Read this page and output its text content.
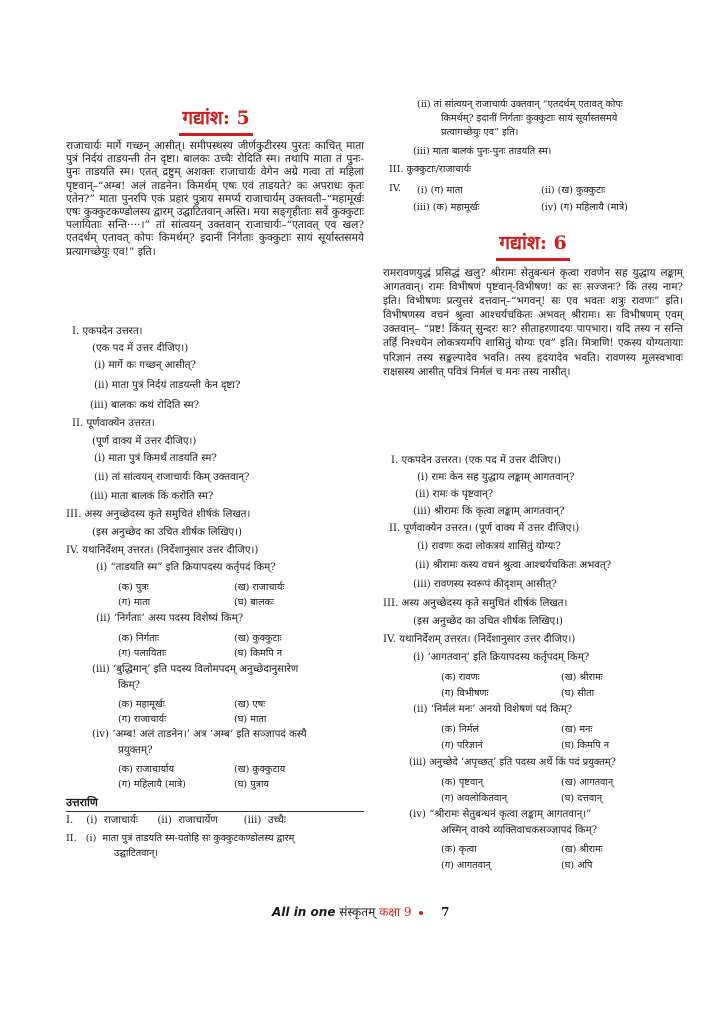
गद्यांश: 5
राजाचार्यः मार्गे गच्छन् आसीत्। समीपस्थस्य जीर्णकुटीरस्य पुरतः काचित् माता पुत्रं निर्दयं ताडयन्ती तेन दृष्टा। बालकः उच्चैः रोदिति स्म। तथापि माता तं पुनः-पुनः ताडयति स्म। एतत् द्रष्टुम् अशक्तः राजाचार्यः वेगेन अग्रे गत्वा तां महिलां पृष्टवान्–“अम्ब! अलं ताडनेन। किमर्थम् एषः एवं ताडयते? कः अपराधः कृतः एतेन?” माता पुनरपि एकं प्रहारं पुत्राय समर्प्य राजाचार्यम् उक्तवती–“महामूर्खः एषः कुक्कुटकण्डोलस्य द्वारम् उद्घाटितवान् अस्ति। मया सङ्गृहीताः सर्वे कुक्कुटाः पलायिताः सन्ति····।” तां सांत्वयन् उक्तवान् राजाचार्यः–“एतावत् एव खल? एतदर्थम् एतावत् कोपः किमर्थम्? इदानीं निर्गताः कुक्कुटाः सायं सूर्यास्तसमये प्रत्यागच्छेयुः एव!” इति।
I. एकपदेन उत्तरत।
(एक पद में उत्तर दीजिए।)
(i) मार्गे कः गच्छन् आसीत्?
(ii) माता पुत्रं निर्दयं ताडयन्ती केन दृष्टा?
(iii) बालकः कथं रोदिति स्म?
II. पूर्णवाक्येन उत्तरत।
(पूर्ण वाक्य में उत्तर दीजिए।)
(i) माता पुत्रं किमर्थं ताडयति स्म?
(ii) तां सांत्वयन् राजाचार्यः किम् उक्तवान्?
(iii) माता बालकं किं करोति स्म?
III. अस्य अनुच्छेदस्य कृते समुचितं शीर्षकं लिखत।
(इस अनुच्छेद का उचित शीर्षक लिखिए।)
IV. यथानिर्देशम् उत्तरत। (निर्देशानुसार उत्तर दीजिए।)
(i) “ताडयति स्म” इति क्रियापदस्य कर्तृपदं किम्?
(क) पुत्रः	(ख) राजाचार्यः
(ग) माता	(घ) बालकः
(ii) ‘निर्गताः’ अस्य पदस्य विशेष्यं किम्?
(क) निर्गताः	(ख) कुक्कुटाः
(ग) पलायिताः	(घ) किमपि न
(iii) ‘बुद्धिमान्’ इति पदस्य विलोमपदम् अनुच्छेदानुसारेण
किम्?
(क) महामूर्खः	(ख) एषः
(ग) राजाचार्यः	(घ) माता
(iv) ‘अम्ब! अलं ताडनेन।’ अत्र ‘अम्ब’ इति सञ्ज्ञापदं कस्यै
प्रयुक्तम्?
(क) राजाचार्याय	(ख) कुक्कुटाय
(ग) महिलायै (मात्रे)	(घ) पुत्राय
उत्तराणि
I.    (i)  राजाचार्यः      (ii)  राजाचार्येण        (iii)  उच्चैः
II.   (i)  माता पुत्रं ताडयति स्म-यतोहि सः कुक्कुटकण्डोलस्य द्वारम्
उद्घाटितवान्।
(ii) तां सांत्वयन् राजाचार्यः उक्तवान् “एतदर्थम् एतावत् कोपः
किमर्थम्? इदानीं निर्गताः कुक्कुटाः सायं सूर्यास्तसमये
प्रत्यागच्छेयुः एव” इति।
(iii) माता बालकं पुनः-पुनः ताडयति स्म।
III. कुक्कुटाः/राजाचार्यः
IV. (i) (ग) माता	(ii) (ख) कुक्कुटाः
(iii) (क) महामूर्खः	(iv) (ग) महिलायै (मात्रे)
गद्यांश: 6
रामरावणयुद्धं प्रसिद्धं खलु? श्रीरामः सेतुबन्धनं कृत्वा रावणेन सह युद्धाय लङ्काम् आगतवान्। रामः विभीषणं पृष्टवान्-विभीषण! कः सः सज्जनः? किं तस्य नाम? इति। विभीषणः प्रत्युत्तरं दत्तवान्–“भगवन्! सः एव भवतः शत्रुः रावणः” इति। विभीषणस्य वचनं श्रुत्वा आश्चर्यचकितः अभवत् श्रीरामः। सः विभीषणम् एवम् उक्तवान्– “प्रष्ट! किंयत् सुन्दरः सः? सीताहरणादयः पापभारा। यदि तस्य न सन्ति तर्हि निश्चयेन लोकत्रयमपि शासितुं योग्यः एव” इति। मित्राणि! एकस्य योग्यतायाः परिज्ञानं तस्य सङ्कल्पादेव भवति। तस्य हृदयादेव भवति। रावणस्य मूलस्वभावः राक्षसस्य आसीत् पवित्रं निर्मलं च मनः तस्य नासीत्।
I. एकपदेन उत्तरत। (एक पद में उत्तर दीजिए।)
(i) रामः केन सह युद्धाय लङ्काम् आगतवान्?
(ii) रामः कं पृष्टवान्?
(iii) श्रीरामः किं कृत्वा लङ्काम् आगतवान्?
II. पूर्णवाक्येन उत्तरत। (पूर्ण वाक्य में उत्तर दीजिए।)
(i) रावणः कदा लोकत्रयं शासितुं योग्यः?
(ii) श्रीरामः कस्य वचनं श्रुत्वा आश्चर्यचकितः अभवत्?
(iii) रावणस्य स्वरूपं कीदृशम् आसीत्?
III. अस्य अनुच्छेदस्य कृते समुचितं शीर्षकं लिखत।
(इस अनुच्छेद का उचित शीर्षक लिखिए।)
IV. यथानिर्देशम् उत्तरत। (निर्देशानुसार उत्तर दीजिए।)
(i) ‘आगतवान्’ इति क्रियापदस्य कर्तृपदम् किम्?
(क) रावणः	(ख) श्रीरामः
(ग) विभीषणः	(घ) सीता
(ii) ‘निर्मलं मनः’ अनयो विशेषणं पदं किम्?
(क) निर्मलं	(ख) मनः
(ग) परिज्ञानं	(घ) किमपि न
(iii) अनुच्छेदे ‘अपृच्छत्’ इति पदस्य अर्थे किं पदं प्रयुक्तम्?
(क) पृष्टवान्	(ख) आगतवान्
(ग) अवलोकितवान्	(घ) दत्तवान्
(iv) “श्रीरामः सेतुबन्धनं कृत्वा लङ्काम् आगतवान्।”
अस्मिन् वाक्ये व्यक्तिवाचकसञ्ज्ञापदं किम्?
(क) कृत्वा	(ख) श्रीरामः
(ग) आगतवान्	(घ) अपि
All in one संस्कृतम् कक्षा 9 7
